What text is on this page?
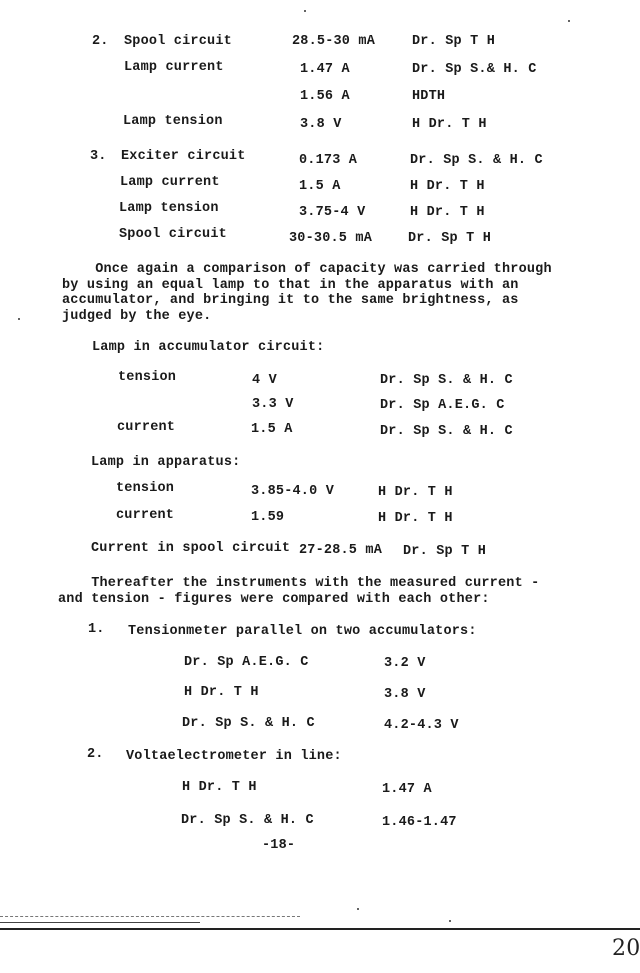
2. Spool circuit	28.5-30 mA	Dr. Sp T H
Lamp current	1.47 A	Dr. Sp S.& H. C
1.56 A	HDTH
Lamp tension	3.8 V	H Dr. T H
3. Exciter circuit	0.173 A	Dr. Sp S. & H. C
Lamp current	1.5 A	H Dr. T H
Lamp tension	3.75-4 V	H Dr. T H
Spool circuit	30-30.5 mA	Dr. Sp T H
Once again a comparison of capacity was carried through
by using an equal lamp to that in the apparatus with an
accumulator, and bringing it to the same brightness, as
judged by the eye.
Lamp in accumulator circuit:
tension	4 V	Dr. Sp S. & H. C
3.3 V	Dr. Sp A.E.G. C
current	1.5 A	Dr. Sp S. & H. C
Lamp in apparatus:
tension	3.85-4.0 V	H Dr. T H
current	1.59	H Dr. T H
Current in spool circuit 27-28.5 mA Dr. Sp T H
Thereafter the instruments with the measured current -
and tension - figures were compared with each other:
1. Tensionmeter parallel on two accumulators:
Dr. Sp A.E.G. C	3.2 V
H Dr. T H	3.8 V
Dr. Sp S. & H. C	4.2-4.3 V
2. Voltaelectrometer in line:
H Dr. T H	1.47 A
Dr. Sp S. & H. C	1.46-1.47
-18-
20
